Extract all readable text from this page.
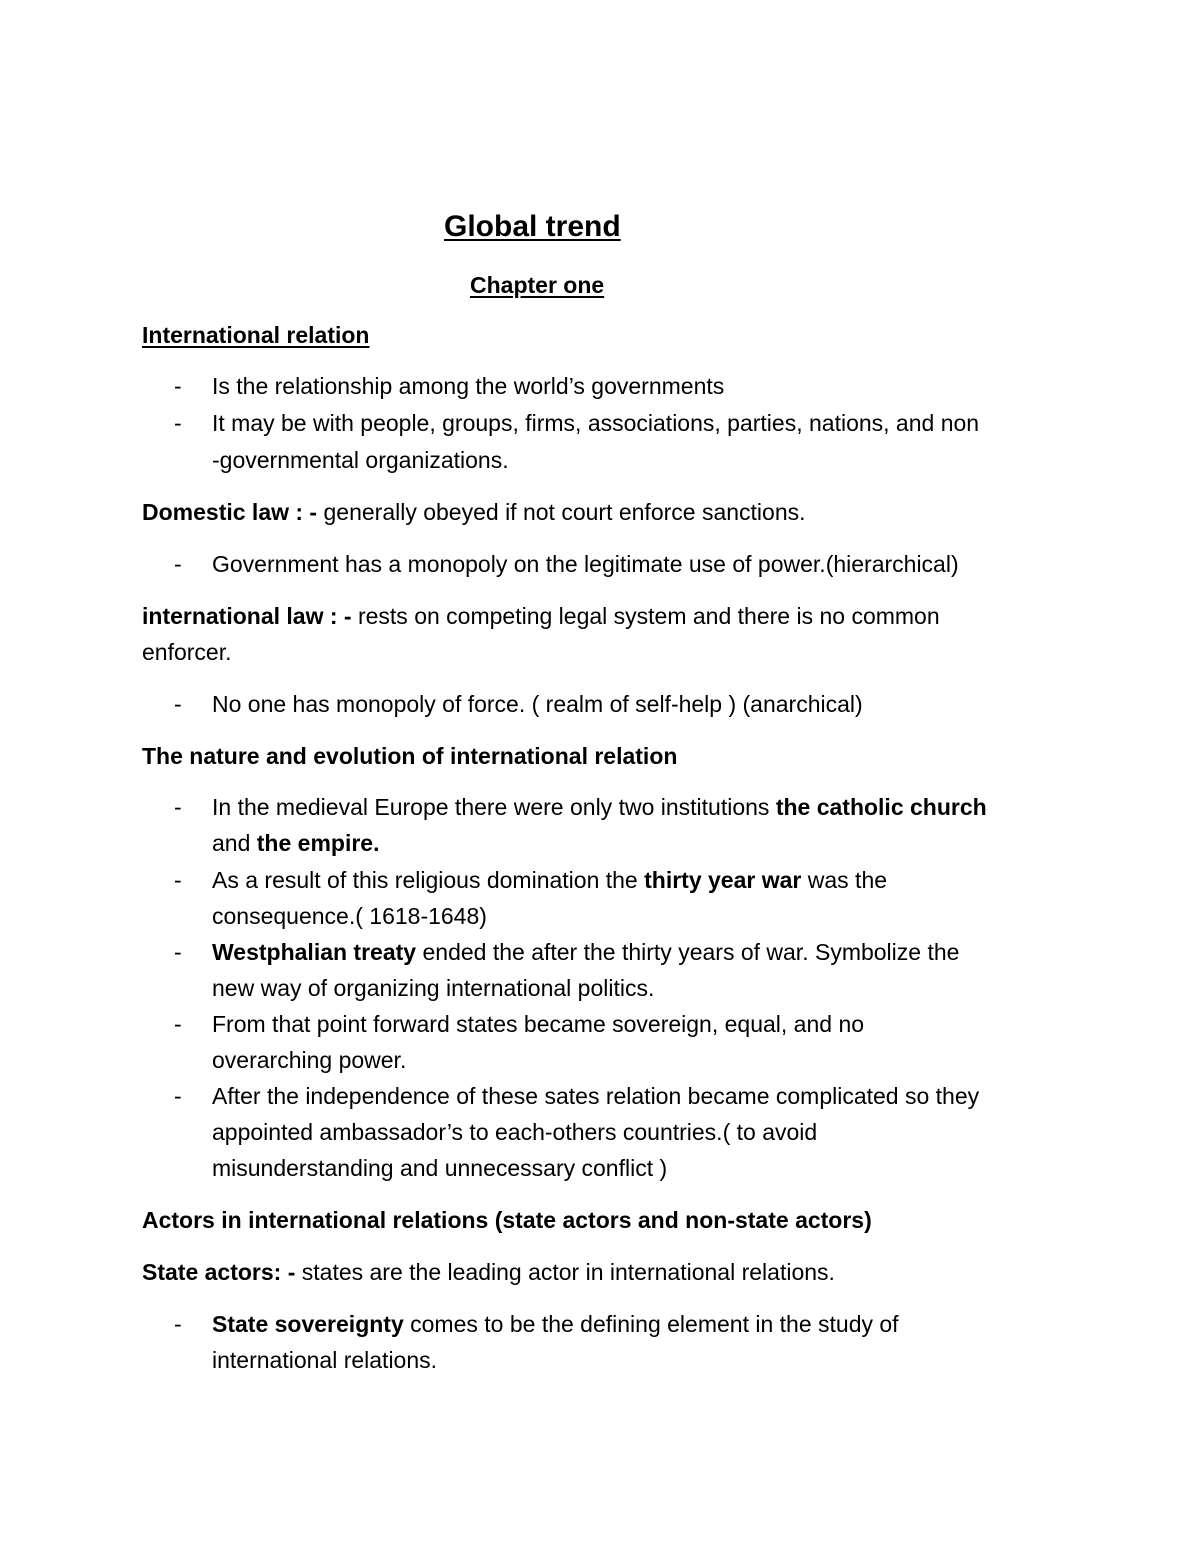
Global trend
Chapter one
International relation
- Is the relationship among the world’s governments
- It may be with people, groups, firms, associations, parties, nations, and non
-governmental organizations.
Domestic law : - generally obeyed if not court enforce sanctions.
- Government has a monopoly on the legitimate use of power.(hierarchical)
international law : - rests on competing legal system and there is no common
enforcer.
- No one has monopoly of force. ( realm of self-help ) (anarchical)
The nature and evolution of international relation
- In the medieval Europe there were only two institutions the catholic church
and the empire.
- As a result of this religious domination the thirty year war was the
consequence.( 1618-1648)
- Westphalian treaty ended the after the thirty years of war. Symbolize the
new way of organizing international politics.
- From that point forward states became sovereign, equal, and no
overarching power.
- After the independence of these sates relation became complicated so they
appointed ambassador’s to each-others countries.( to avoid
misunderstanding and unnecessary conflict )
Actors in international relations (state actors and non-state actors)
State actors: - states are the leading actor in international relations.
- State sovereignty comes to be the defining element in the study of
international relations.
